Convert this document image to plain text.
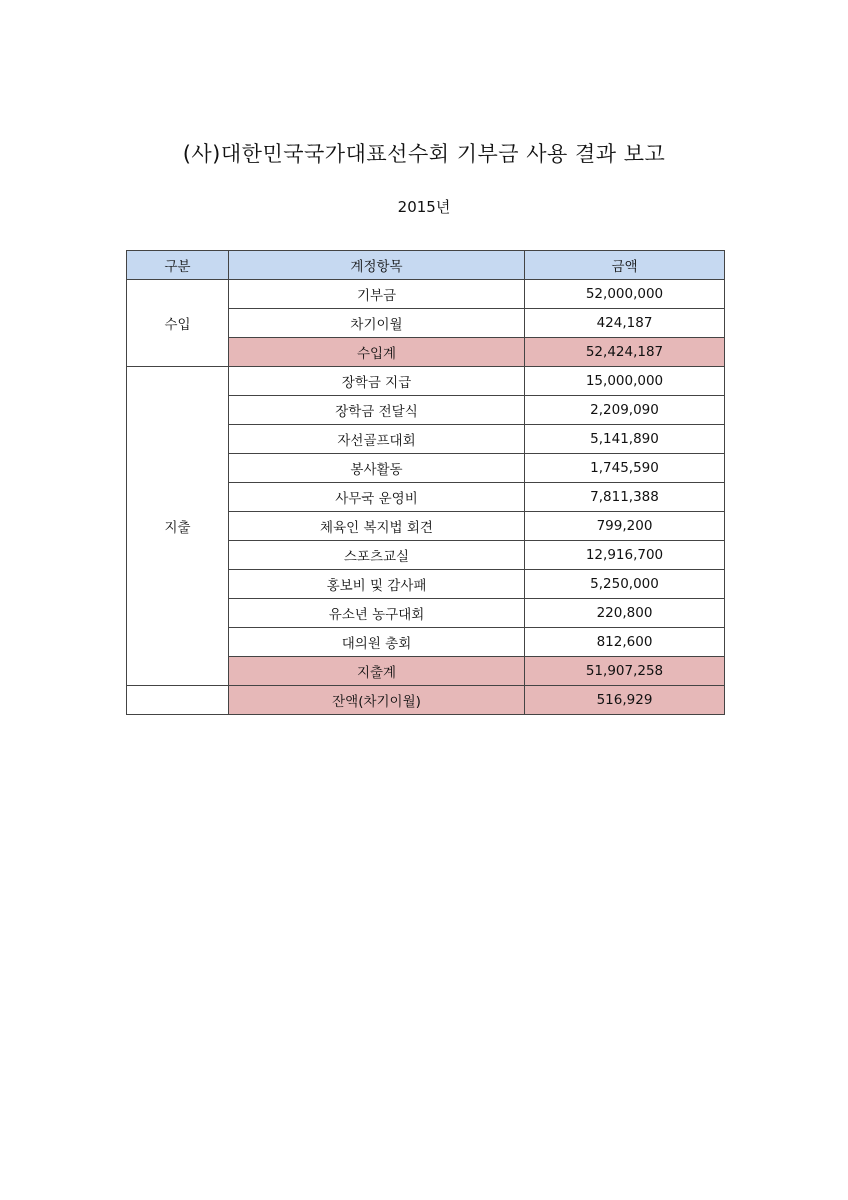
(사)대한민국국가대표선수회 기부금 사용 결과 보고
2015년
구분	계정항목	금액
수입	기부금	52,000,000
	차기이월	424,187
	수입계	52,424,187
지출	장학금 지급	15,000,000
	장학금 전달식	2,209,090
	자선골프대회	5,141,890
	봉사활동	1,745,590
	사무국 운영비	7,811,388
	체육인 복지법 회견	799,200
	스포츠교실	12,916,700
	홍보비 및 감사패	5,250,000
	유소년 농구대회	220,800
	대의원 총회	812,600
	지출계	51,907,258
	잔액(차기이월)	516,929
